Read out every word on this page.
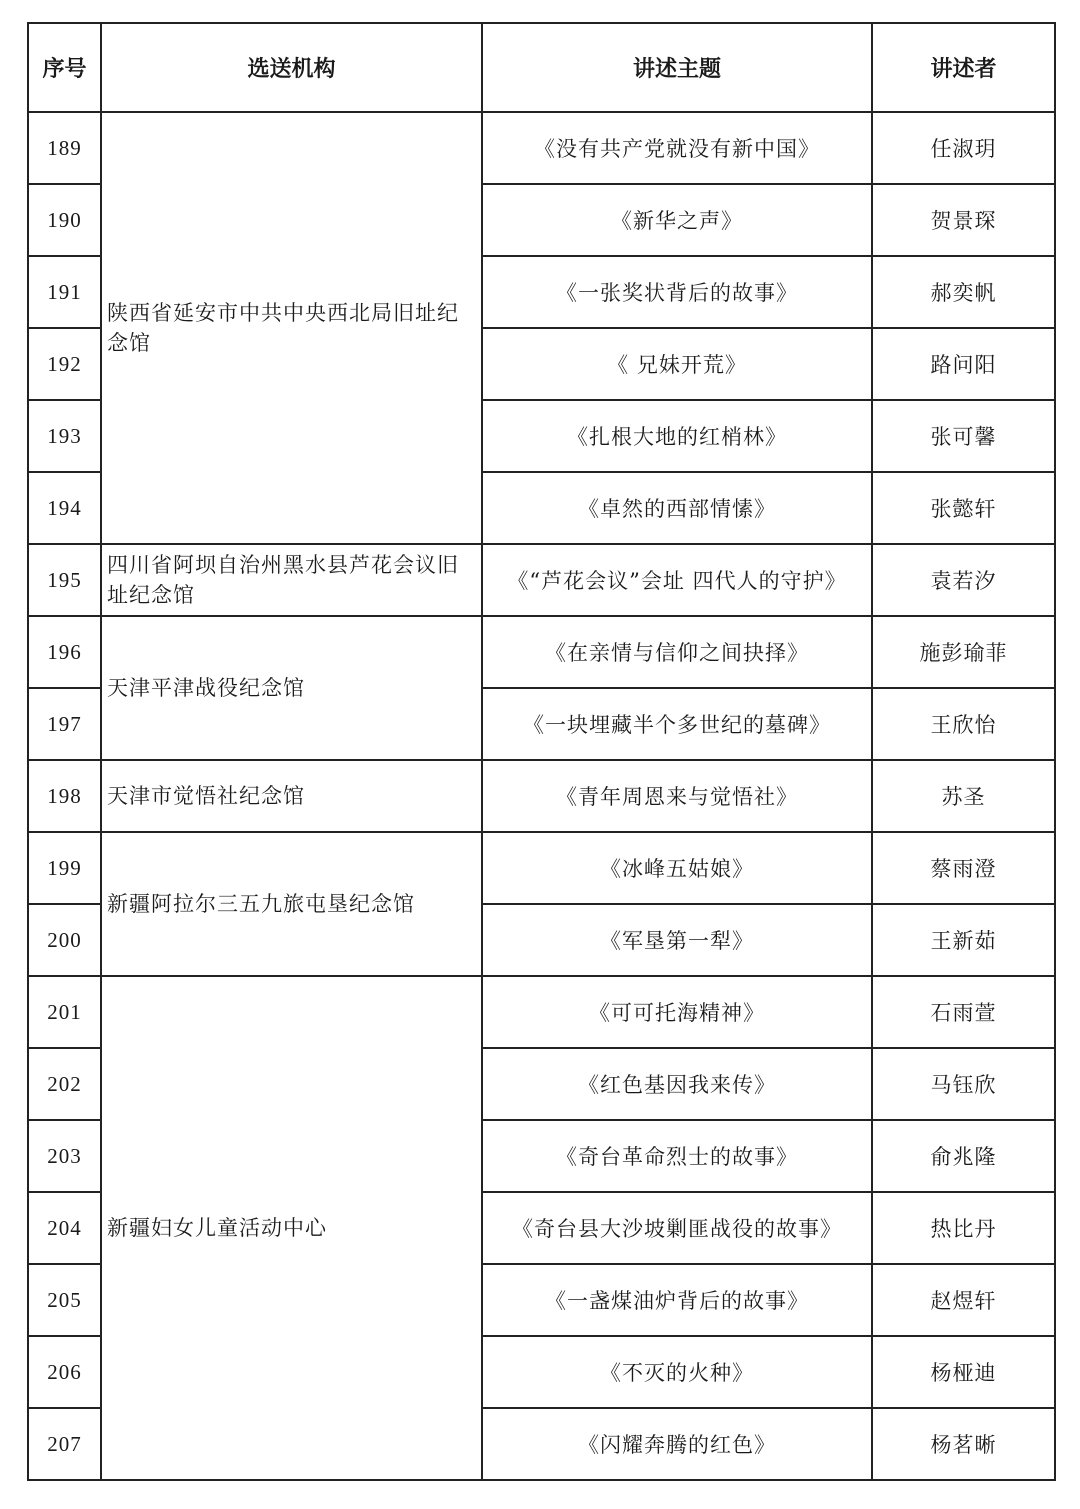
序号	选送机构	讲述主题	讲述者
189	陕西省延安市中共中央西北局旧址纪念馆	《没有共产党就没有新中国》	任淑玥
190		《新华之声》	贺景琛
191		《一张奖状背后的故事》	郝奕帆
192		《 兄妹开荒》	路问阳
193		《扎根大地的红梢林》	张可馨
194		《卓然的西部情愫》	张懿轩
195	四川省阿坝自治州黑水县芦花会议旧址纪念馆	《“芦花会议”会址 四代人的守护》	袁若汐
196	天津平津战役纪念馆	《在亲情与信仰之间抉择》	施彭瑜菲
197		《一块埋藏半个多世纪的墓碑》	王欣怡
198	天津市觉悟社纪念馆	《青年周恩来与觉悟社》	苏圣
199	新疆阿拉尔三五九旅屯垦纪念馆	《冰峰五姑娘》	蔡雨澄
200		《军垦第一犁》	王新茹
201	新疆妇女儿童活动中心	《可可托海精神》	石雨萱
202		《红色基因我来传》	马钰欣
203		《奇台革命烈士的故事》	俞兆隆
204		《奇台县大沙坡剿匪战役的故事》	热比丹
205		《一盏煤油炉背后的故事》	赵煜轩
206		《不灭的火种》	杨桠迪
207		《闪耀奔腾的红色》	杨茗晰
